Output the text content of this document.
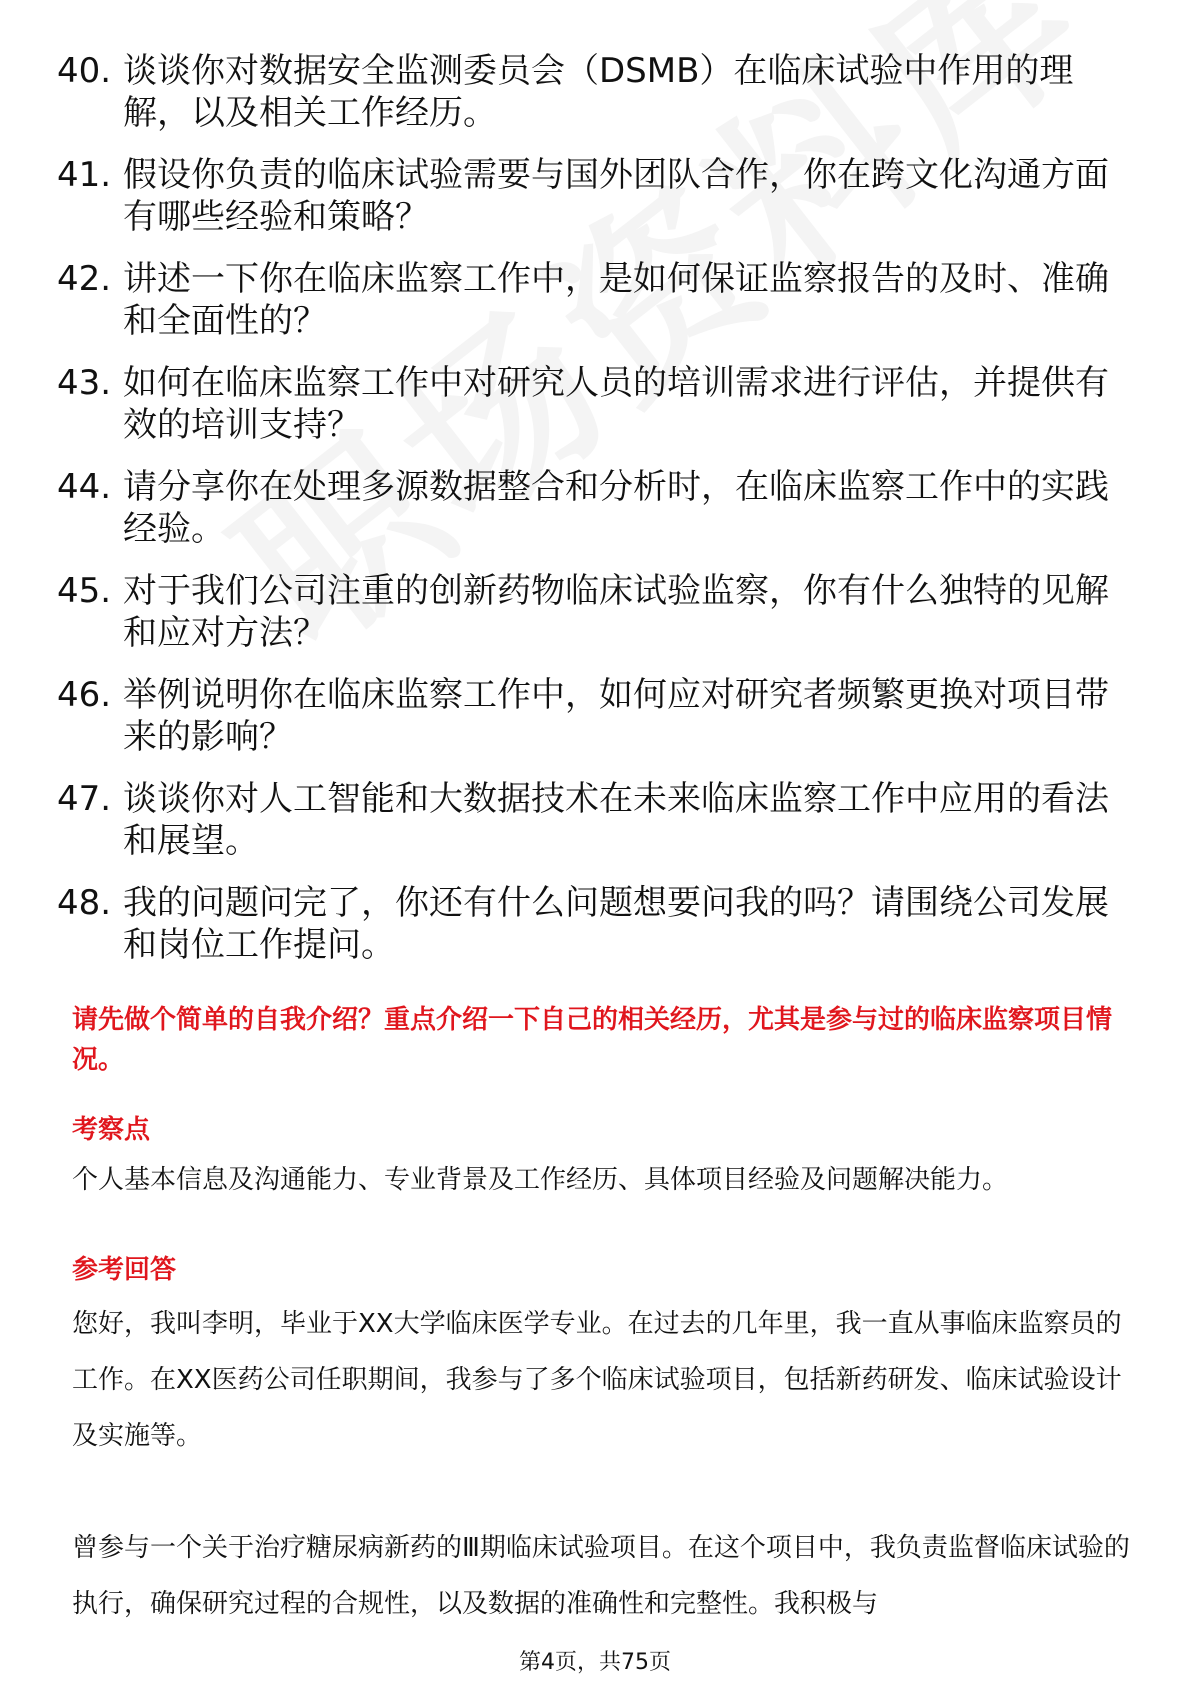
40. 谈谈你对数据安全监测委员会（DSMB）在临床试验中作用的理解，以及相关工作经历。
41. 假设你负责的临床试验需要与国外团队合作，你在跨文化沟通方面有哪些经验和策略？
42. 讲述一下你在临床监察工作中，是如何保证监察报告的及时、准确和全面性的？
43. 如何在临床监察工作中对研究人员的培训需求进行评估，并提供有效的培训支持？
44. 请分享你在处理多源数据整合和分析时，在临床监察工作中的实践经验。
45. 对于我们公司注重的创新药物临床试验监察，你有什么独特的见解和应对方法？
46. 举例说明你在临床监察工作中，如何应对研究者频繁更换对项目带来的影响？
47. 谈谈你对人工智能和大数据技术在未来临床监察工作中应用的看法和展望。
48. 我的问题问完了，你还有什么问题想要问我的吗？请围绕公司发展和岗位工作提问。
请先做个简单的自我介绍？重点介绍一下自己的相关经历，尤其是参与过的临床监察项目情况。
考察点
个人基本信息及沟通能力、专业背景及工作经历、具体项目经验及问题解决能力。
参考回答
您好，我叫李明，毕业于XX大学临床医学专业。在过去的几年里，我一直从事临床监察员的工作。在XX医药公司任职期间，我参与了多个临床试验项目，包括新药研发、临床试验设计及实施等。
曾参与一个关于治疗糖尿病新药的Ⅲ期临床试验项目。在这个项目中，我负责监督临床试验的执行，确保研究过程的合规性，以及数据的准确性和完整性。我积极与
第4页，共75页
